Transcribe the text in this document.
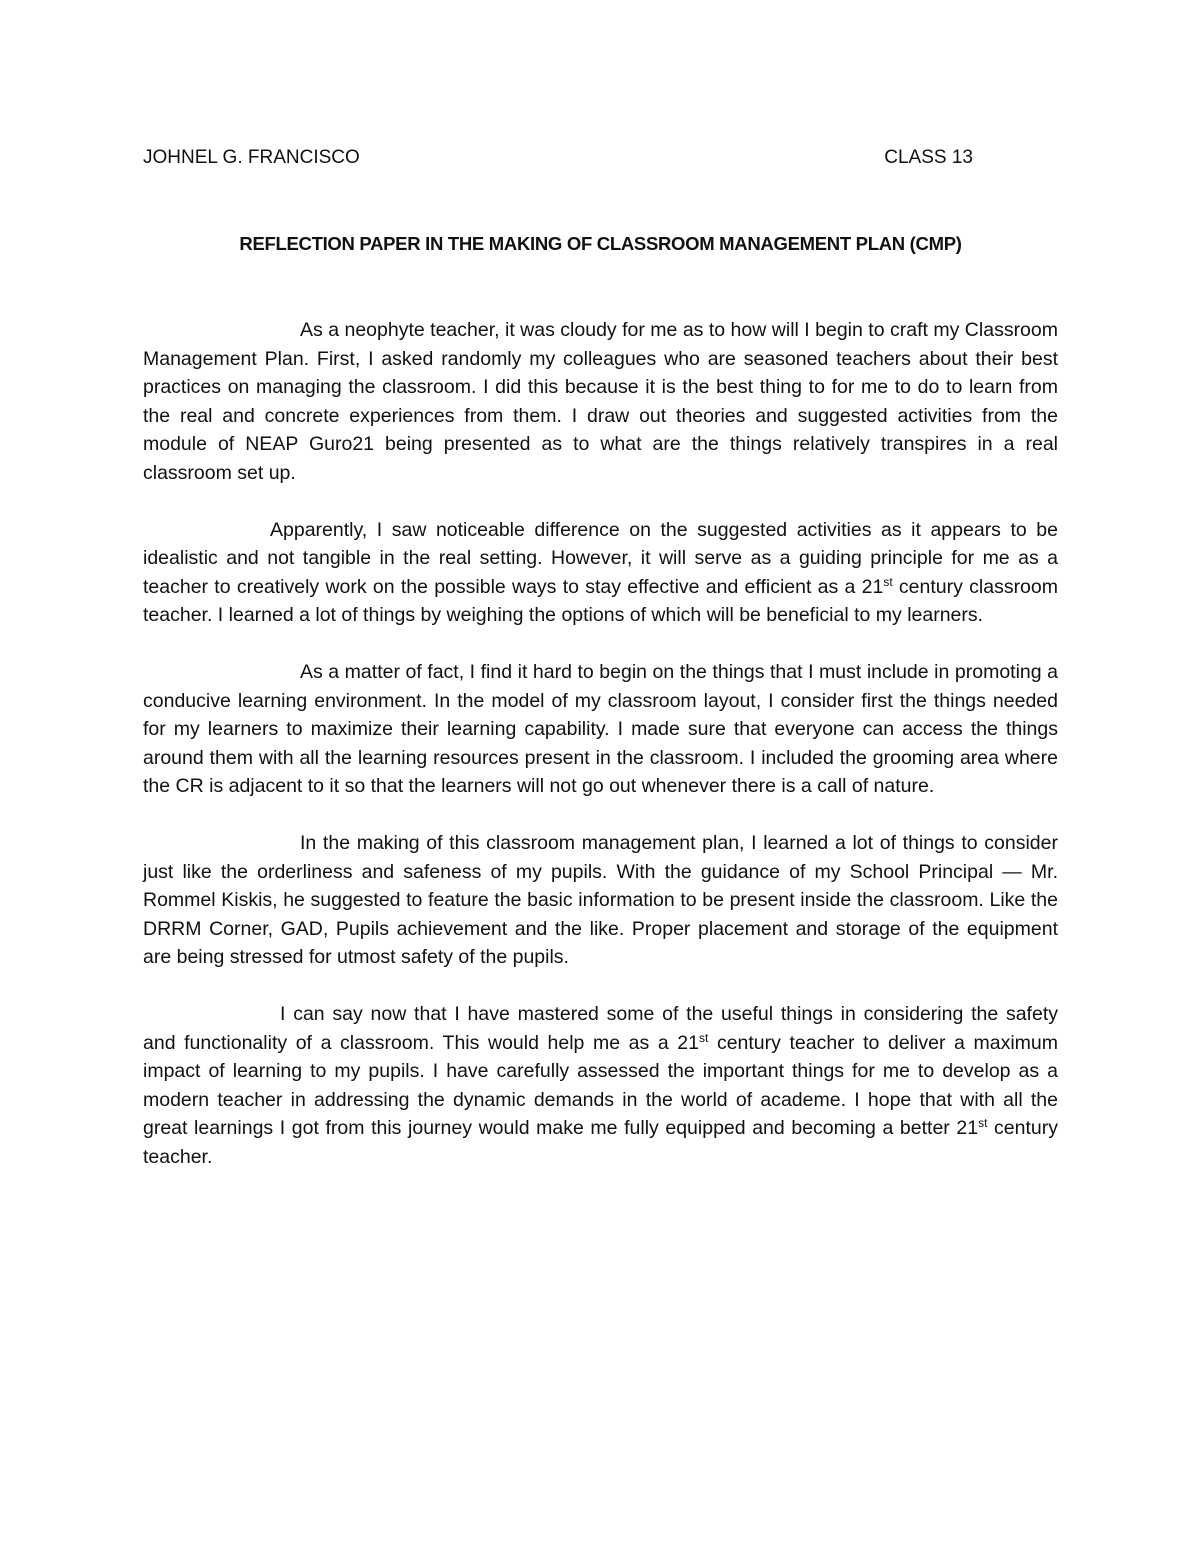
JOHNEL G. FRANCISCO	CLASS 13
REFLECTION PAPER IN THE MAKING OF CLASSROOM MANAGEMENT PLAN (CMP)

As a neophyte teacher, it was cloudy for me as to how will I begin to craft my Classroom Management Plan. First, I asked randomly my colleagues who are seasoned teachers about their best practices on managing the classroom. I did this because it is the best thing to for me to do to learn from the real and concrete experiences from them. I draw out theories and suggested activities from the module of NEAP Guro21 being presented as to what are the things relatively transpires in a real classroom set up.

Apparently, I saw noticeable difference on the suggested activities as it appears to be idealistic and not tangible in the real setting. However, it will serve as a guiding principle for me as a teacher to creatively work on the possible ways to stay effective and efficient as a 21st century classroom teacher. I learned a lot of things by weighing the options of which will be beneficial to my learners.

As a matter of fact, I find it hard to begin on the things that I must include in promoting a conducive learning environment. In the model of my classroom layout, I consider first the things needed for my learners to maximize their learning capability. I made sure that everyone can access the things around them with all the learning resources present in the classroom. I included the grooming area where the CR is adjacent to it so that the learners will not go out whenever there is a call of nature.

In the making of this classroom management plan, I learned a lot of things to consider just like the orderliness and safeness of my pupils. With the guidance of my School Principal — Mr. Rommel Kiskis, he suggested to feature the basic information to be present inside the classroom. Like the DRRM Corner, GAD, Pupils achievement and the like. Proper placement and storage of the equipment are being stressed for utmost safety of the pupils.

I can say now that I have mastered some of the useful things in considering the safety and functionality of a classroom. This would help me as a 21st century teacher to deliver a maximum impact of learning to my pupils. I have carefully assessed the important things for me to develop as a modern teacher in addressing the dynamic demands in the world of academe. I hope that with all the great learnings I got from this journey would make me fully equipped and becoming a better 21st century teacher.
